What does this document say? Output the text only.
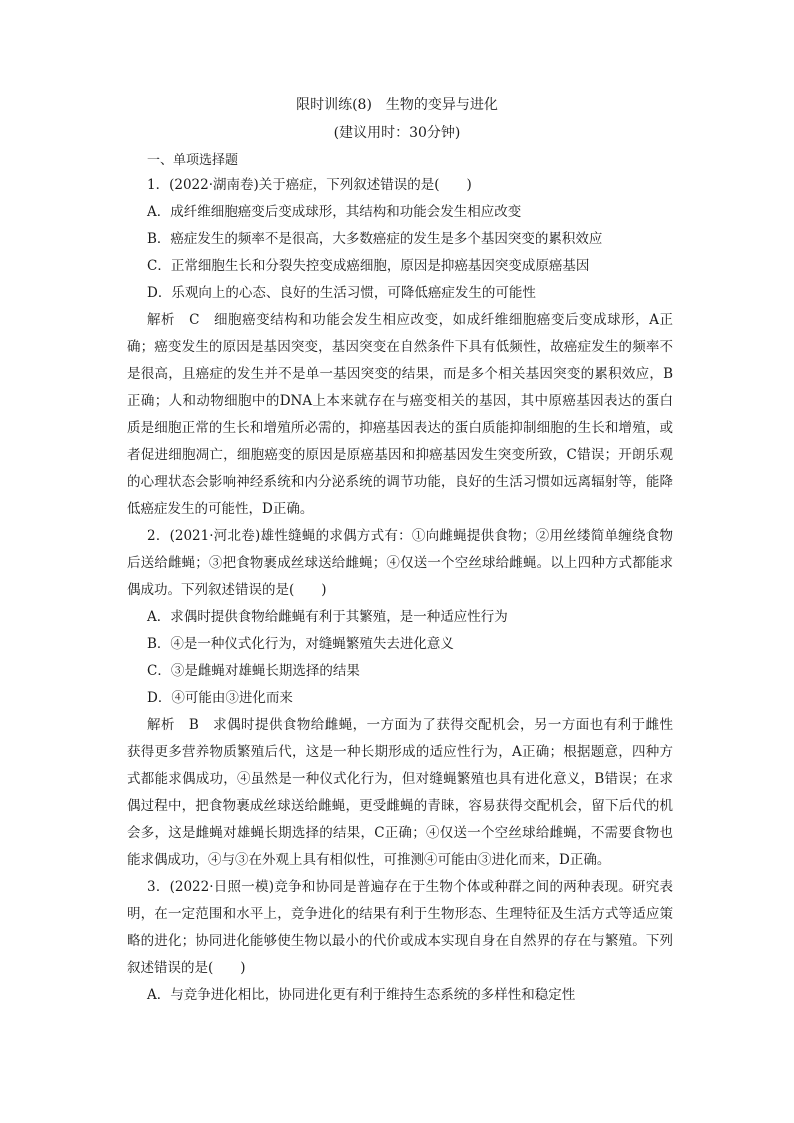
限时训练(8)　生物的变异与进化
(建议用时：30分钟)
一、单项选择题
1．(2022·湖南卷)关于癌症，下列叙述错误的是(　　)
A．成纤维细胞癌变后变成球形，其结构和功能会发生相应改变
B．癌症发生的频率不是很高，大多数癌症的发生是多个基因突变的累积效应
C．正常细胞生长和分裂失控变成癌细胞，原因是抑癌基因突变成原癌基因
D．乐观向上的心态、良好的生活习惯，可降低癌症发生的可能性
解析　C　细胞癌变结构和功能会发生相应改变，如成纤维细胞癌变后变成球形，A正
确；癌变发生的原因是基因突变，基因突变在自然条件下具有低频性，故癌症发生的频率不
是很高，且癌症的发生并不是单一基因突变的结果，而是多个相关基因突变的累积效应，B
正确；人和动物细胞中的DNA上本来就存在与癌变相关的基因，其中原癌基因表达的蛋白
质是细胞正常的生长和增殖所必需的，抑癌基因表达的蛋白质能抑制细胞的生长和增殖，或
者促进细胞凋亡，细胞癌变的原因是原癌基因和抑癌基因发生突变所致，C错误；开朗乐观
的心理状态会影响神经系统和内分泌系统的调节功能，良好的生活习惯如远离辐射等，能降
低癌症发生的可能性，D正确。
2．(2021·河北卷)雄性缝蝇的求偶方式有：①向雌蝇提供食物；②用丝缕简单缠绕食物
后送给雌蝇；③把食物裹成丝球送给雌蝇；④仅送一个空丝球给雌蝇。以上四种方式都能求
偶成功。下列叙述错误的是(　　)
A．求偶时提供食物给雌蝇有利于其繁殖，是一种适应性行为
B．④是一种仪式化行为，对缝蝇繁殖失去进化意义
C．③是雌蝇对雄蝇长期选择的结果
D．④可能由③进化而来
解析　B　求偶时提供食物给雌蝇，一方面为了获得交配机会，另一方面也有利于雌性
获得更多营养物质繁殖后代，这是一种长期形成的适应性行为，A正确；根据题意，四种方
式都能求偶成功，④虽然是一种仪式化行为，但对缝蝇繁殖也具有进化意义，B错误；在求
偶过程中，把食物裹成丝球送给雌蝇，更受雌蝇的青睐，容易获得交配机会，留下后代的机
会多，这是雌蝇对雄蝇长期选择的结果，C正确；④仅送一个空丝球给雌蝇，不需要食物也
能求偶成功，④与③在外观上具有相似性，可推测④可能由③进化而来，D正确。
3．(2022·日照一模)竞争和协同是普遍存在于生物个体或种群之间的两种表现。研究表
明，在一定范围和水平上，竞争进化的结果有利于生物形态、生理特征及生活方式等适应策
略的进化；协同进化能够使生物以最小的代价或成本实现自身在自然界的存在与繁殖。下列
叙述错误的是(　　)
A．与竞争进化相比，协同进化更有利于维持生态系统的多样性和稳定性
